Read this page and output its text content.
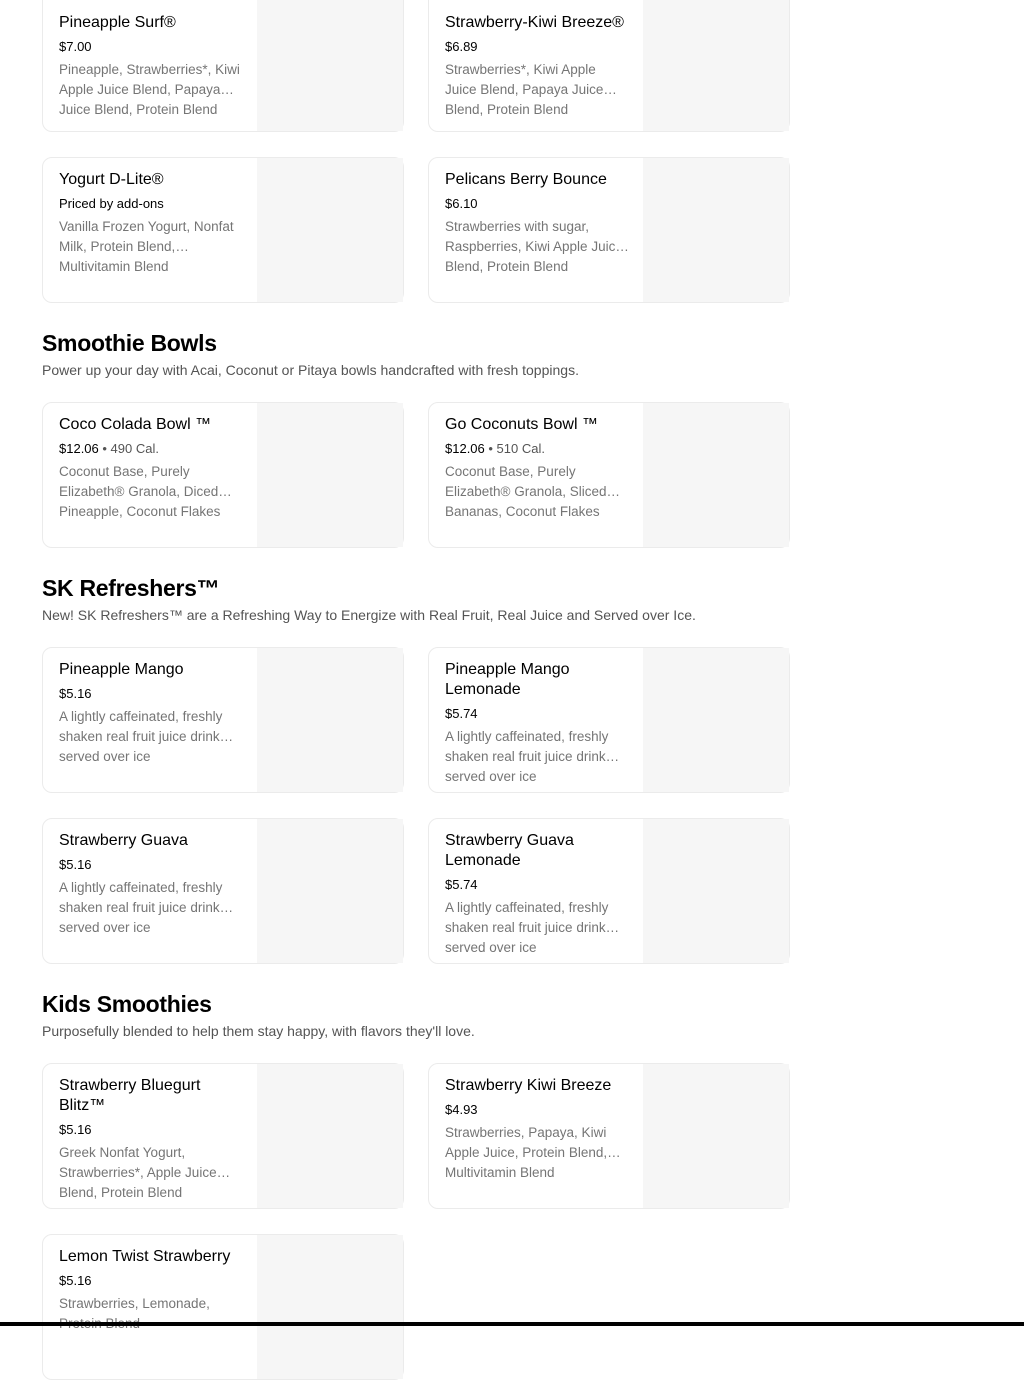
Pineapple Surf®
$7.00
Pineapple, Strawberries*, Kiwi Apple Juice Blend, Papaya Juice Blend, Protein Blend
Strawberry-Kiwi Breeze®
$6.89
Strawberries*, Kiwi Apple Juice Blend, Papaya Juice Blend, Protein Blend
Yogurt D-Lite®
Priced by add-ons
Vanilla Frozen Yogurt, Nonfat Milk, Protein Blend, Multivitamin Blend
Pelicans Berry Bounce
$6.10
Strawberries with sugar, Raspberries, Kiwi Apple Juice Blend, Protein Blend
Smoothie Bowls
Power up your day with Acai, Coconut or Pitaya bowls handcrafted with fresh toppings.
Coco Colada Bowl ™
$12.06 • 490 Cal.
Coconut Base, Purely Elizabeth® Granola, Diced Pineapple, Coconut Flakes
Go Coconuts Bowl ™
$12.06 • 510 Cal.
Coconut Base, Purely Elizabeth® Granola, Sliced Bananas, Coconut Flakes
SK Refreshers™
New! SK Refreshers™ are a Refreshing Way to Energize with Real Fruit, Real Juice and Served over Ice.
Pineapple Mango
$5.16
A lightly caffeinated, freshly shaken real fruit juice drink served over ice
Pineapple Mango Lemonade
$5.74
A lightly caffeinated, freshly shaken real fruit juice drink served over ice
Strawberry Guava
$5.16
A lightly caffeinated, freshly shaken real fruit juice drink served over ice
Strawberry Guava Lemonade
$5.74
A lightly caffeinated, freshly shaken real fruit juice drink served over ice
Kids Smoothies
Purposefully blended to help them stay happy, with flavors they'll love.
Strawberry Bluegurt Blitz™
$5.16
Greek Nonfat Yogurt, Strawberries*, Apple Juice Blend, Protein Blend
Strawberry Kiwi Breeze
$4.93
Strawberries, Papaya, Kiwi Apple Juice, Protein Blend, Multivitamin Blend
Lemon Twist Strawberry
$5.16
Strawberries, Lemonade,
